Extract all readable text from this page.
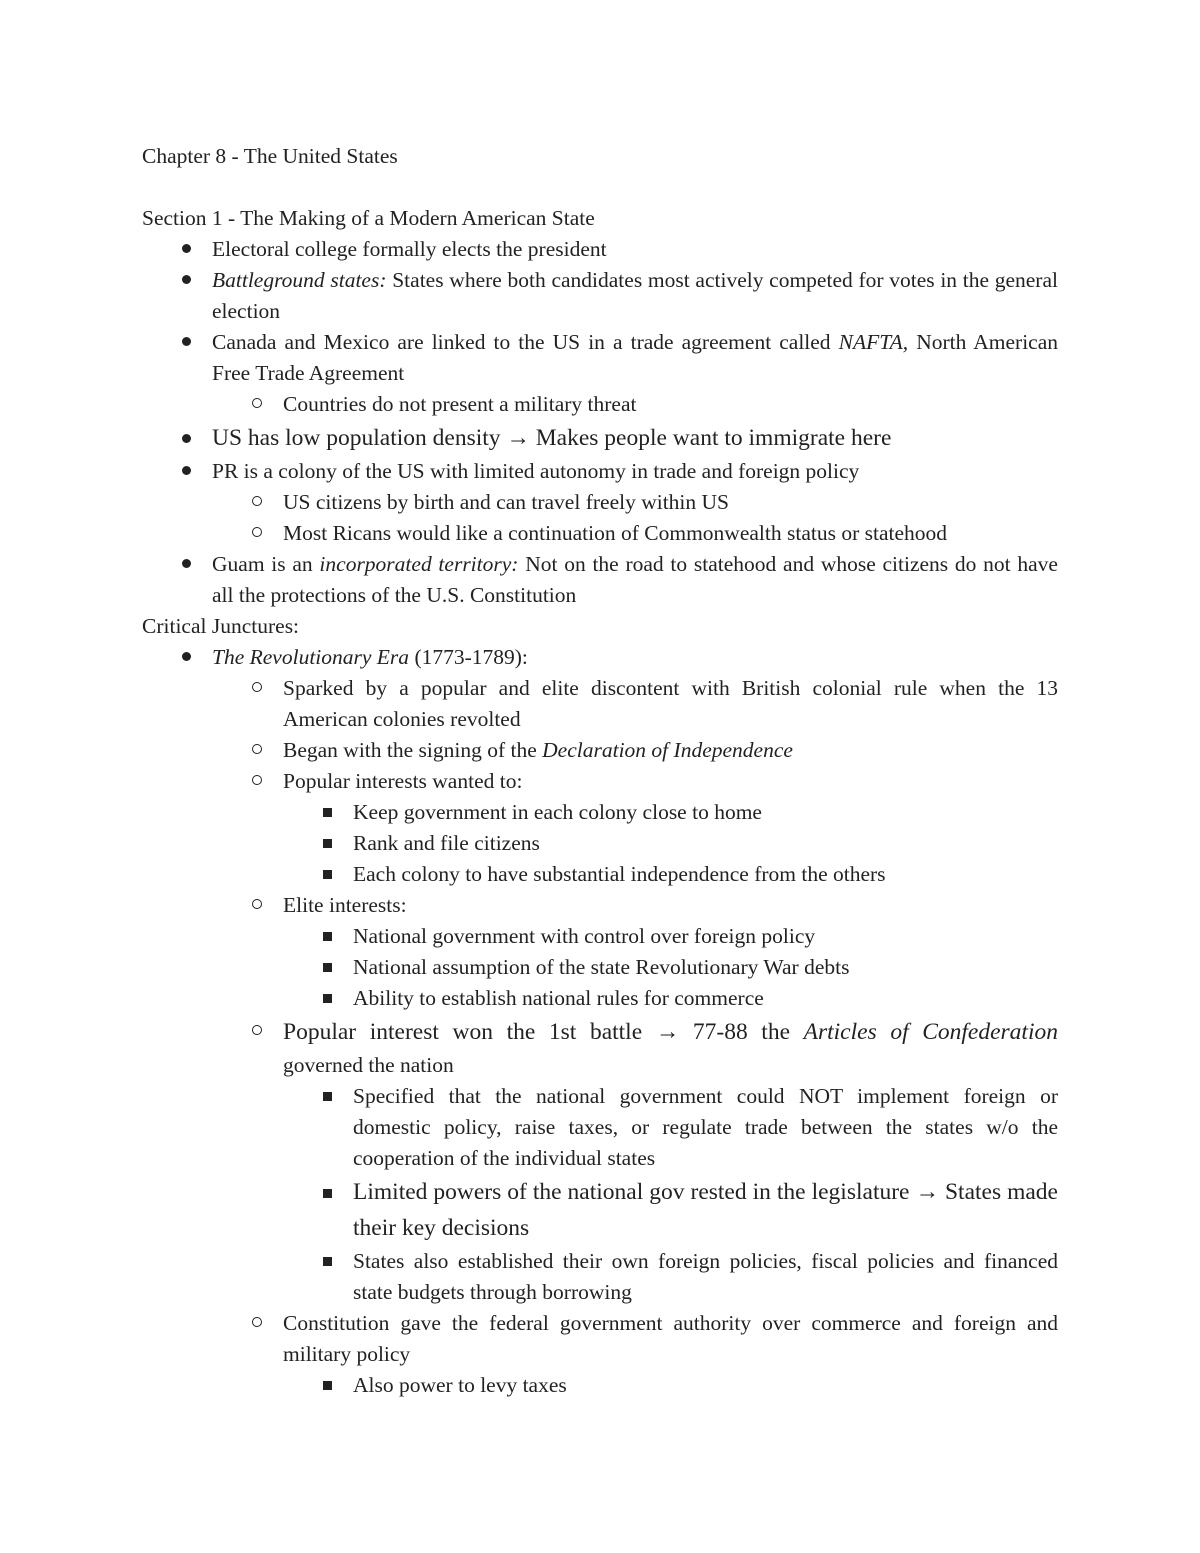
Chapter 8 - The United States

Section 1 - The Making of a Modern American State

Electoral college formally elects the president
Battleground states: States where both candidates most actively competed for votes in the general election
Canada and Mexico are linked to the US in a trade agreement called NAFTA, North American Free Trade Agreement
Countries do not present a military threat
US has low population density → Makes people want to immigrate here
PR is a colony of the US with limited autonomy in trade and foreign policy
US citizens by birth and can travel freely within US
Most Ricans would like a continuation of Commonwealth status or statehood
Guam is an incorporated territory: Not on the road to statehood and whose citizens do not have all the protections of the U.S. Constitution

Critical Junctures:

The Revolutionary Era (1773-1789):
Sparked by a popular and elite discontent with British colonial rule when the 13 American colonies revolted
Began with the signing of the Declaration of Independence
Popular interests wanted to:
Keep government in each colony close to home
Rank and file citizens
Each colony to have substantial independence from the others
Elite interests:
National government with control over foreign policy
National assumption of the state Revolutionary War debts
Ability to establish national rules for commerce
Popular interest won the 1st battle → 77-88 the Articles of Confederation governed the nation
Specified that the national government could NOT implement foreign or domestic policy, raise taxes, or regulate trade between the states w/o the cooperation of the individual states
Limited powers of the national gov rested in the legislature → States made their key decisions
States also established their own foreign policies, fiscal policies and financed state budgets through borrowing
Constitution gave the federal government authority over commerce and foreign and military policy
Also power to levy taxes
